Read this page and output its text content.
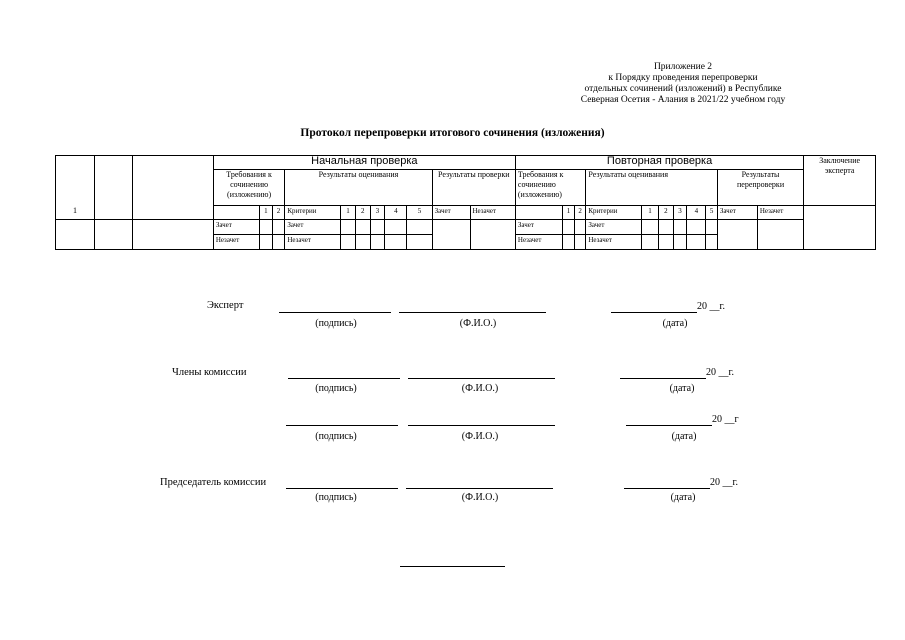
Приложение 2
к Порядку проведения перепроверки
отдельных сочинений (изложений) в Республике
Северная Осетия - Алания в 2021/22 учебном году
Протокол перепроверки итогового сочинения (изложения)
			Начальная проверка											Повторная проверка											Заключение эксперта
			Требования к сочинению (изложению)			Результаты оценивания						Результаты проверки		Требования к сочинению (изложению)			Результаты оценивания						Результаты перепроверки		
1				1	2	Критерии	1	2	3	4	5	Зачет	Незачет		1	2	Критерии	1	2	3	4	5	Зачет	Незачет	
			Зачет			Зачет								Зачет			Зачет								
			Незачет			Незачет								Незачет			Незачет								
Эксперт	20 __г.
(подпись)	(Ф.И.О.)	(дата)
Члены комиссии	20 __г.
(подпись)	(Ф.И.О.)	(дата)
20 __г
(подпись)	(Ф.И.О.)	(дата)
Председатель комиссии	20 __г.
(подпись)	(Ф.И.О.)	(дата)
